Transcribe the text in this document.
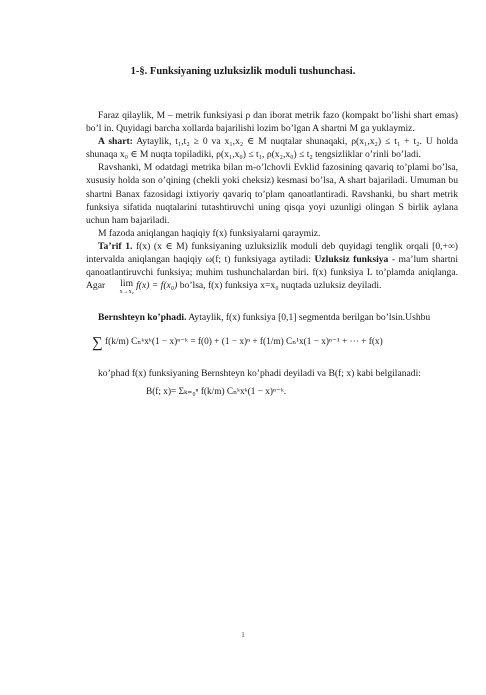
1-§. Funksiyaning uzluksizlik moduli tushunchasi.

Faraz qilaylik, M – metrik funksiyasi ρ dan iborat metrik fazo (kompakt bo’lishi shart emas) bo’l in. Quyidagi barcha xollarda bajarilishi lozim bo’lgan A shartni M ga yuklaymiz.

A shart: Aytaylik, t₁,t₂ ≥ 0 va x₁,x₂ ∈ M nuqtalar shunaqaki, ρ(x₁,x₂) ≤ t₁ + t₂. U holda shunaqa x₀ ∈ M nuqta topiladiki, ρ(x₁,x₀) ≤ t₁, ρ(x₂,x₀) ≤ t₂ tengsizliklar o’rinli bo’ladi.

Ravshanki, M odatdagi metrika bilan m-o’lchovli Evklid fazosining qavariq to’plami bo’lsa, xususiy holda son o’qining (chekli yoki cheksiz) kesmasi bo’lsa, A shart bajariladi. Umuman bu shartni Banax fazosidagi ixtiyoriy qavariq to’plam qanoatlantiradi. Ravshanki, bu shart metrik funksiya sifatida nuqtalarini tutashtiruvchi uning qisqa yoyi uzunligi olingan S birlik aylana uchun ham bajariladi.

M fazoda aniqlangan haqiqiy f(x) funksiyalarni qaraymiz.

Ta’rif 1. f(x) (x ∈ M) funksiyaning uzluksizlik moduli deb quyidagi tenglik orqali [0,+∞) intervalda aniqlangan haqiqiy ω(f; t) funksiyaga aytiladi: Uzluksiz funksiya - ma’lum shartni qanoatlantiruvchi funksiya; muhim tushunchalardan biri. f(x) funksiya L to’plamda aniqlanga. Agar lim
x→x₀
f(x) = f(x₀) bo’lsa, f(x) funksiya x=x₀ nuqtada uzluksiz deyiladi.

Bernshteyn ko’phadi. Aytaylik, f(x) funksiya [0,1] segmentda berilgan bo’lsin.Ushbu

∑ f(k/m) Cₙᵏxᵏ(1 − x)ⁿ⁻ᵏ = f(0) + (1 − x)ⁿ + f(1/m) Cₙ¹x(1 − x)ⁿ⁻¹ + ⋯ + f(x)

ko’phad f(x) funksiyaning Bernshteyn ko’phadi deyiladi va B(f; x) kabi belgilanadi:

B(f; x)= Σₖ₌₀ⁿ f(k/m) Cₙᵏxᵏ(1 − x)ⁿ⁻ᵏ.
1
